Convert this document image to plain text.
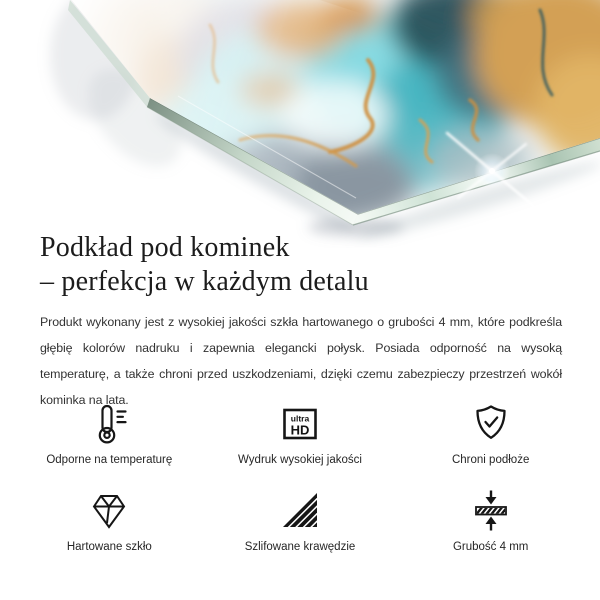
Podkład pod kominek
– perfekcja w każdym detalu
Produkt wykonany jest z wysokiej jakości szkła hartowanego o grubości 4 mm, które podkreśla głębię kolorów nadruku i zapewnia elegancki połysk. Posiada odporność na wysoką temperaturę, a także chroni przed uszkodzeniami, dzięki czemu zabezpieczy przestrzeń wokół kominka na lata.
Odporne na temperaturę
ultra
HD
Wydruk wysokiej jakości	Chroni podłoże
Hartowane szkło	Szlifowane krawędzie	Grubość 4 mm
